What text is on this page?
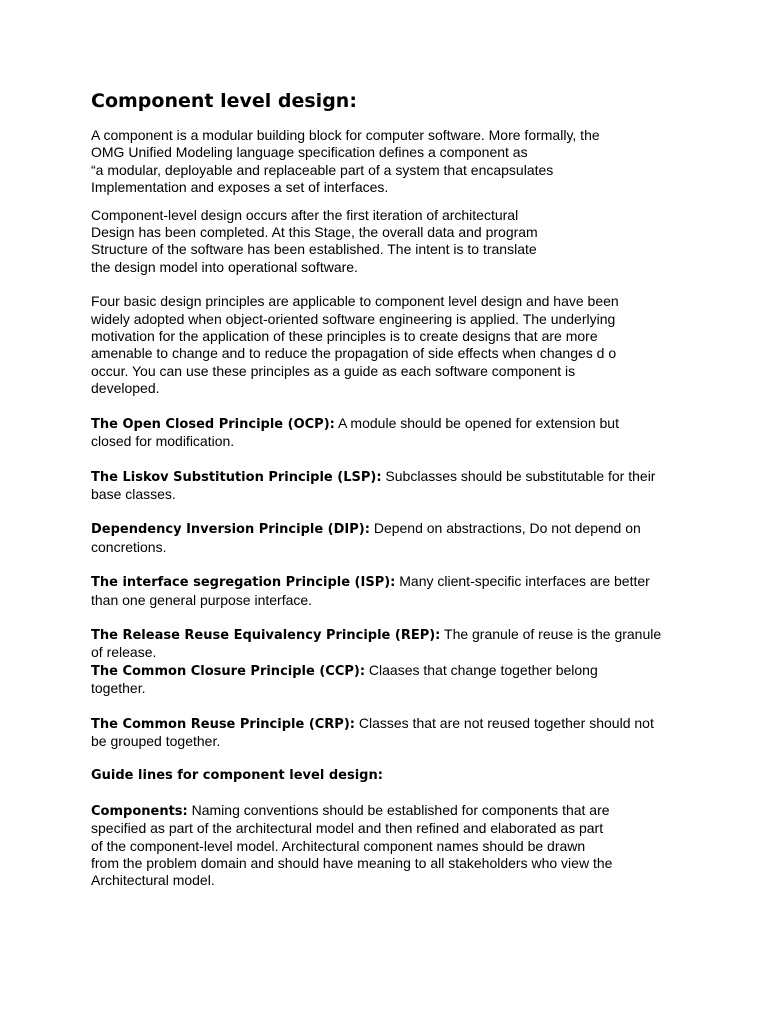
Component level design:

A component is a modular building block for computer software. More formally, the
OMG Unified Modeling language specification defines a component as
“a modular, deployable and replaceable part of a system that encapsulates
Implementation and exposes a set of interfaces.

Component-level design occurs after the first iteration of architectural
Design has been completed. At this Stage, the overall data and program
Structure of the software has been established. The intent is to translate
the design model into operational software.

Four basic design principles are applicable to component level design and have been
widely adopted when object-oriented software engineering is applied. The underlying
motivation for the application of these principles is to create designs that are more
amenable to change and to reduce the propagation of side effects when changes d o
occur. You can use these principles as a guide as each software component is
developed.

The Open Closed Principle (OCP): A module should be opened for extension but
closed for modification.

The Liskov Substitution Principle (LSP): Subclasses should be substitutable for their
base classes.

Dependency Inversion Principle (DIP): Depend on abstractions, Do not depend on
concretions.

The interface segregation Principle (ISP): Many client-specific interfaces are better
than one general purpose interface.

The Release Reuse Equivalency Principle (REP): The granule of reuse is the granule
of release.

The Common Closure Principle (CCP): Claases that change together belong
together.

The Common Reuse Principle (CRP): Classes that are not reused together should not
be grouped together.

Guide lines for component level design:

Components: Naming conventions should be established for components that are
specified as part of the architectural model and then refined and elaborated as part
of the component-level model. Architectural component names should be drawn
from the problem domain and should have meaning to all stakeholders who view the
Architectural model.
